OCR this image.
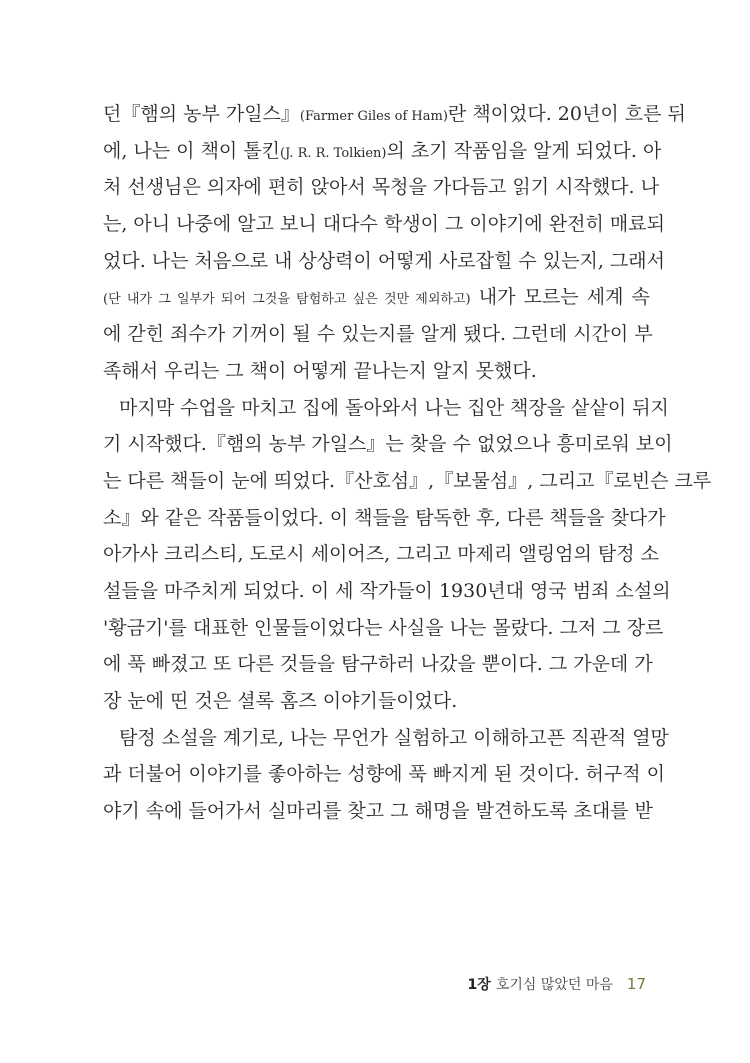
던『햄의 농부 가일스』(Farmer Giles of Ham)란 책이었다. 20년이 흐른 뒤
에, 나는 이 책이 톨킨(J. R. R. Tolkien)의 초기 작품임을 알게 되었다. 아
처 선생님은 의자에 편히 앉아서 목청을 가다듬고 읽기 시작했다. 나
는, 아니 나중에 알고 보니 대다수 학생이 그 이야기에 완전히 매료되
었다. 나는 처음으로 내 상상력이 어떻게 사로잡힐 수 있는지, 그래서
(단 내가 그 일부가 되어 그것을 탐험하고 싶은 것만 제외하고) 내가 모르는 세계 속
에 갇힌 죄수가 기꺼이 될 수 있는지를 알게 됐다. 그런데 시간이 부
족해서 우리는 그 책이 어떻게 끝나는지 알지 못했다.
마지막 수업을 마치고 집에 돌아와서 나는 집안 책장을 샅샅이 뒤지
기 시작했다.『햄의 농부 가일스』는 찾을 수 없었으나 흥미로워 보이
는 다른 책들이 눈에 띄었다.『산호섬』,『보물섬』, 그리고『로빈슨 크루
소』와 같은 작품들이었다. 이 책들을 탐독한 후, 다른 책들을 찾다가
아가사 크리스티, 도로시 세이어즈, 그리고 마제리 앨링엄의 탐정 소
설들을 마주치게 되었다. 이 세 작가들이 1930년대 영국 범죄 소설의
'황금기'를 대표한 인물들이었다는 사실을 나는 몰랐다. 그저 그 장르
에 푹 빠졌고 또 다른 것들을 탐구하러 나갔을 뿐이다. 그 가운데 가
장 눈에 띤 것은 셜록 홈즈 이야기들이었다.
탐정 소설을 계기로, 나는 무언가 실험하고 이해하고픈 직관적 열망
과 더불어 이야기를 좋아하는 성향에 푹 빠지게 된 것이다. 허구적 이
야기 속에 들어가서 실마리를 찾고 그 해명을 발견하도록 초대를 받
1장 호기심 많았던 마음 17
